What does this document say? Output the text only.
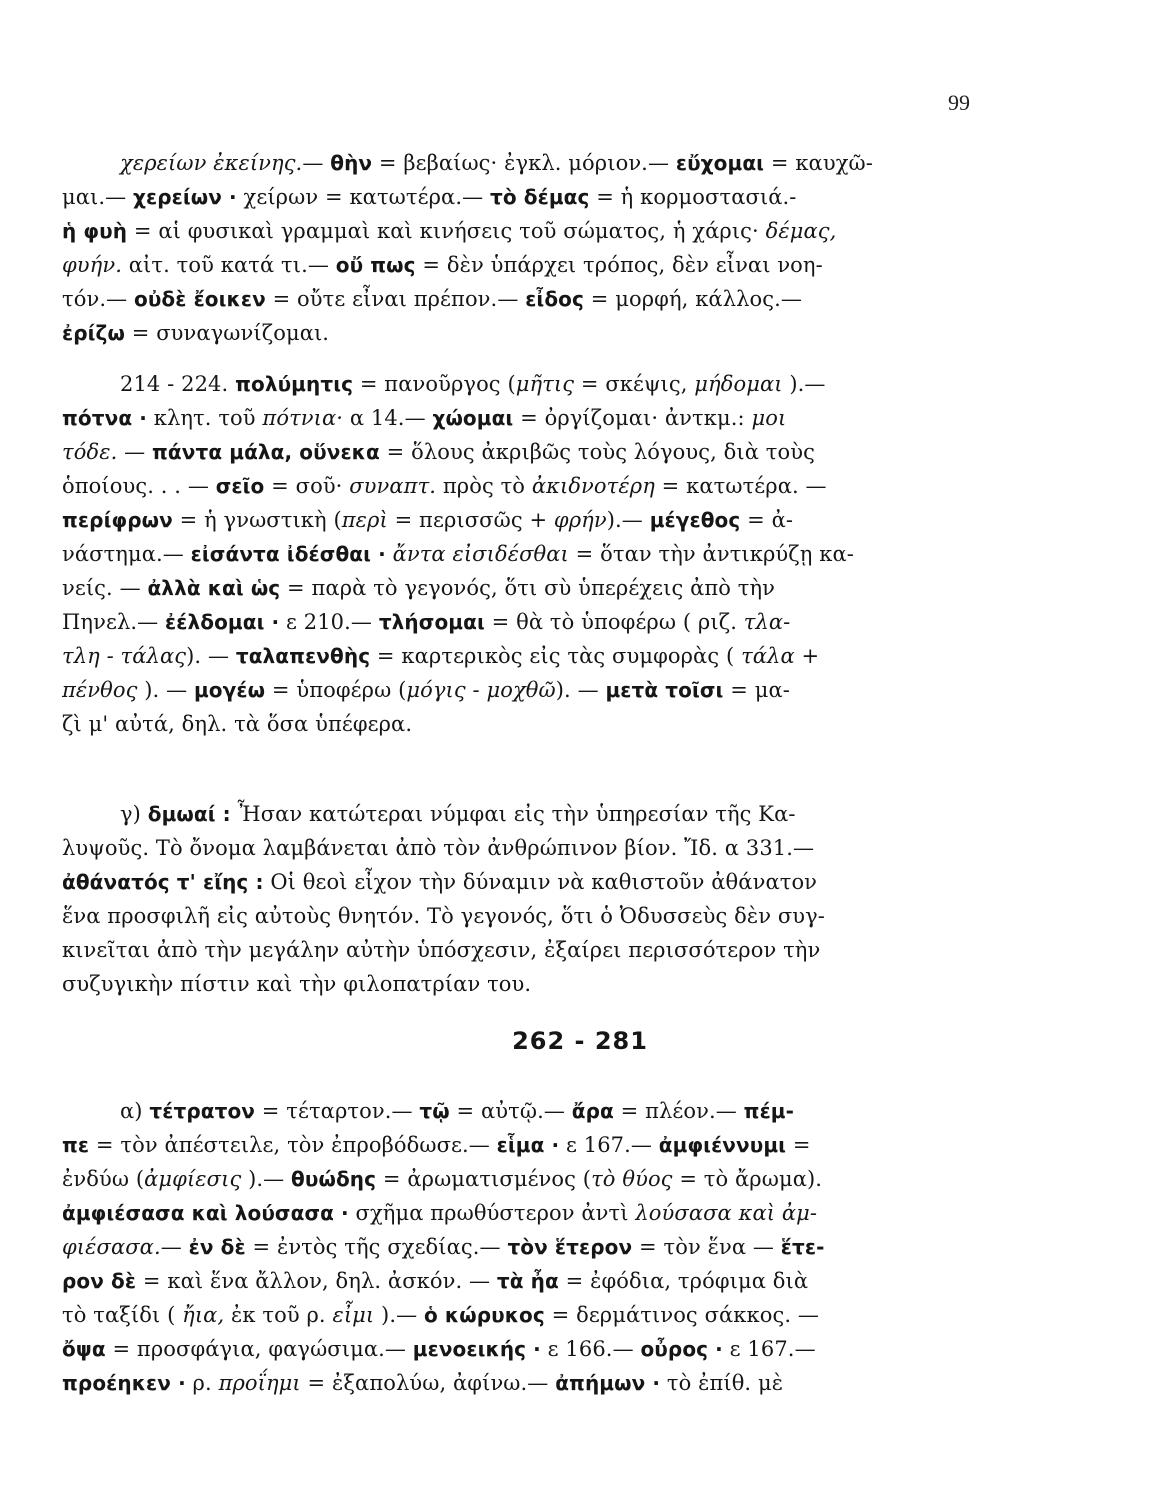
99
χερείων ἐκείνης.— θὴν = βεβαίως· ἐγκλ. μόριον.— εὔχομαι = καυχῶ-
μαι.— χερείων · χείρων = κατωτέρα.— τὸ δέμας = ἡ κορμοστασιά.-
ἡ φυὴ = αἱ φυσικαὶ γραμμαὶ καὶ κινήσεις τοῦ σώματος, ἡ χάρις· δέμας,
φυήν. αἰτ. τοῦ κατά τι.— οὔ πως = δὲν ὑπάρχει τρόπος, δὲν εἶναι νοη-
τόν.— οὐδὲ ἔοικεν = οὔτε εἶναι πρέπον.— εἶδος = μορφή, κάλλος.—
ἐρίζω = συναγωνίζομαι.
214 - 224. πολύμητις = πανοῦργος (μῆτις = σκέψις, μήδομαι ).—
πότνα · κλητ. τοῦ πότνια· α 14.— χώομαι = ὀργίζομαι· ἀντκμ.: μοι
τόδε. — πάντα μάλα, οὕνεκα = ὅλους ἀκριβῶς τοὺς λόγους, διὰ τοὺς
ὁποίους. . . — σεῖο = σοῦ· συναπτ. πρὸς τὸ ἀκιδνοτέρη = κατωτέρα. —
περίφρων = ἡ γνωστικὴ (περὶ = περισσῶς + φρήν).— μέγεθος = ἀ-
νάστημα.— εἰσάντα ἰδέσθαι · ἄντα εἰσιδέσθαι = ὅταν τὴν ἀντικρύζῃ κα-
νείς. — ἀλλὰ καὶ ὡς = παρὰ τὸ γεγονός, ὅτι σὺ ὑπερέχεις ἀπὸ τὴν
Πηνελ.— ἐέλδομαι · ε 210.— τλήσομαι = θὰ τὸ ὑποφέρω ( ριζ. τλα-
τλη - τάλας). — ταλαπενθὴς = καρτερικὸς εἰς τὰς συμφορὰς ( τάλα +
πένθος ). — μογέω = ὑποφέρω (μόγις - μοχθῶ). — μετὰ τοῖσι = μα-
ζὶ μ' αὐτά, δηλ. τὰ ὅσα ὑπέφερα.
γ) δμωαί : Ἦσαν κατώτεραι νύμφαι εἰς τὴν ὑπηρεσίαν τῆς Κα-
λυψοῦς. Τὸ ὄνομα λαμβάνεται ἀπὸ τὸν ἀνθρώπινον βίον. Ἴδ. α 331.—
ἀθάνατός τ' εἴης : Οἱ θεοὶ εἶχον τὴν δύναμιν νὰ καθιστοῦν ἀθάνατον
ἕνα προσφιλῆ εἰς αὐτοὺς θνητόν. Τὸ γεγονός, ὅτι ὁ Ὀδυσσεὺς δὲν συγ-
κινεῖται ἀπὸ τὴν μεγάλην αὐτὴν ὑπόσχεσιν, ἐξαίρει περισσότερον τὴν
συζυγικὴν πίστιν καὶ τὴν φιλοπατρίαν του.
262 - 281
α) τέτρατον = τέταρτον.— τῷ = αὐτῷ.— ἄρα = πλέον.— πέμ-
πε = τὸν ἀπέστειλε, τὸν ἐπροβόδωσε.— εἷμα · ε 167.— ἀμφιέννυμι =
ἐνδύω (ἀμφίεσις ).— θυώδης = ἀρωματισμένος (τὸ θύος = τὸ ἄρωμα).
ἀμφιέσασα καὶ λούσασα · σχῆμα πρωθύστερον ἀντὶ λούσασα καὶ ἀμ-
φιέσασα.— ἐν δὲ = ἐντὸς τῆς σχεδίας.— τὸν ἕτερον = τὸν ἕνα — ἕτε-
ρον δὲ = καὶ ἕνα ἄλλον, δηλ. ἀσκόν. — τὰ ἦα = ἐφόδια, τρόφιμα διὰ
τὸ ταξίδι ( ἤια, ἐκ τοῦ ρ. εἶμι ).— ὁ κώρυκος = δερμάτινος σάκκος. —
ὄψα = προσφάγια, φαγώσιμα.— μενοεικής · ε 166.— οὖρος · ε 167.—
προέηκεν · ρ. προΐημι = ἐξαπολύω, ἀφίνω.— ἀπήμων · τὸ ἐπίθ. μὲ
